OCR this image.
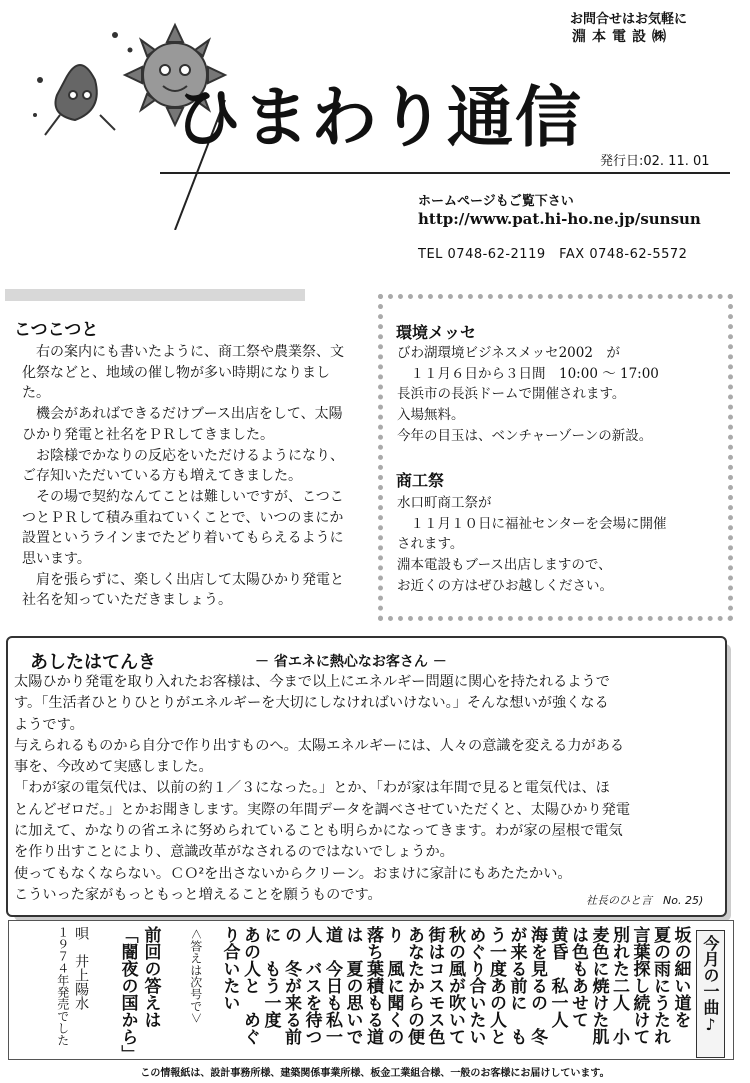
お問合せはお気軽に
淵本電設㈱
ひまわり通信
発行日:02. 11. 01
ホームページもご覧下さい
http://www.pat.hi-ho.ne.jp/sunsun
TEL 0748-62-2119　FAX 0748-62-5572
こつこつと

右の案内にも書いたように、商工祭や農業祭、文化祭などと、地域の催し物が多い時期になりました。

機会があればできるだけブース出店をして、太陽ひかり発電と社名をＰＲしてきました。

お陰様でかなりの反応をいただけるようになり、ご存知いただいている方も増えてきました。

その場で契約なんてことは難しいですが、こつこつとＰＲして積み重ねていくことで、いつのまにか設置というラインまでたどり着いてもらえるように思います。

肩を張らずに、楽しく出店して太陽ひかり発電と社名を知っていただきましょう。

環境メッセ
びわ湖環境ビジネスメッセ2002　が
　１１月６日から３日間　10:00 ～ 17:00
長浜市の長浜ドームで開催されます。
入場無料。
今年の目玉は、ベンチャーゾーンの新設。
商工祭
水口町商工祭が
　１１月１０日に福祉センターを会場に開催
されます。
淵本電設もブース出店しますので、
お近くの方はぜひお越しください。
あしたはてんき	－ 省エネに熱心なお客さん －
太陽ひかり発電を取り入れたお客様は、今まで以上にエネルギー問題に関心を持たれるようで
す。「生活者ひとりひとりがエネルギーを大切にしなければいけない。」そんな想いが強くなる
ようです。
与えられるものから自分で作り出すものへ。太陽エネルギーには、人々の意識を変える力がある
事を、今改めて実感しました。
「わが家の電気代は、以前の約１／３になった。」とか、「わが家は年間で見ると電気代は、ほ
とんどゼロだ。」とかお聞きします。実際の年間データを調べさせていただくと、太陽ひかり発電
に加えて、かなりの省エネに努められていることも明らかになってきます。わが家の屋根で電気
を作り出すことにより、意識改革がなされるのではないでしょうか。
使ってもなくならない。ＣＯ²を出さないからクリーン。おまけに家計にもあたたかい。
こういった家がもっともっと増えることを願うものです。	社長のひと言　No. 25)
今月の一曲♪
坂の細い道を
夏の雨にうたれ
言葉探し続けて
別れた二人　小
麦色に焼けた肌
は色もあせて
黄昏　私一人
海を見るの　冬
が来る前に　も
う一度あの人と
めぐり合いたい
秋の風が吹いて
街はコスモス色
あなたからの便
り　風に聞くの
落ち葉積もる道
は　夏の思いで
道　今日も私一
人　バスを待つ
の　冬が来る前
に　もう一度
あの人と　めぐ
り合いたい
＜答えは次号で＞
前回の答えは
「闇夜の国から」
唄　井上陽水
１９７４年発売でした
この情報紙は、設計事務所様、建築関係事業所様、板金工業組合様、一般のお客様にお届けしています。
